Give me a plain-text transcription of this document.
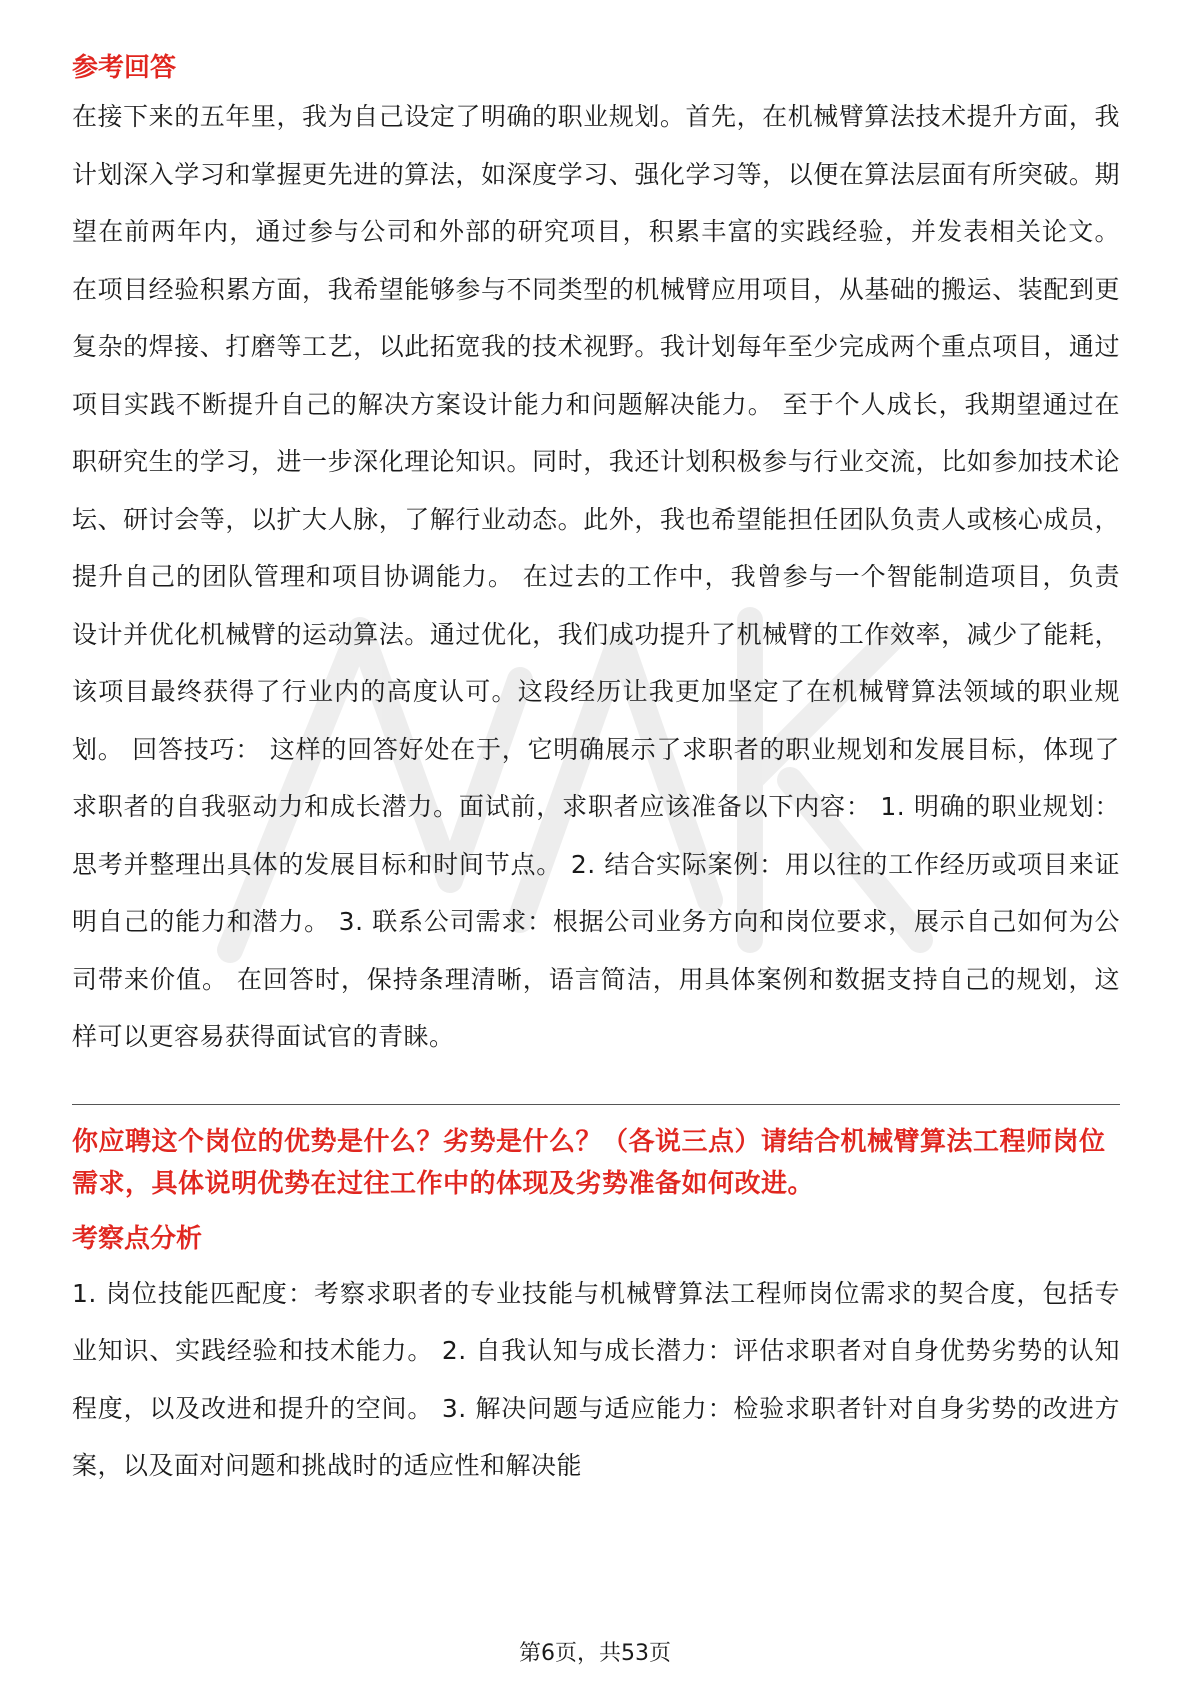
参考回答

在接下来的五年里，我为自己设定了明确的职业规划。首先，在机械臂算法技术提升方面，我计划深入学习和掌握更先进的算法，如深度学习、强化学习等，以便在算法层面有所突破。期望在前两年内，通过参与公司和外部的研究项目，积累丰富的实践经验，并发表相关论文。 在项目经验积累方面，我希望能够参与不同类型的机械臂应用项目，从基础的搬运、装配到更复杂的焊接、打磨等工艺，以此拓宽我的技术视野。我计划每年至少完成两个重点项目，通过项目实践不断提升自己的解决方案设计能力和问题解决能力。 至于个人成长，我期望通过在职研究生的学习，进一步深化理论知识。同时，我还计划积极参与行业交流，比如参加技术论坛、研讨会等，以扩大人脉，了解行业动态。此外，我也希望能担任团队负责人或核心成员，提升自己的团队管理和项目协调能力。 在过去的工作中，我曾参与一个智能制造项目，负责设计并优化机械臂的运动算法。通过优化，我们成功提升了机械臂的工作效率，减少了能耗，该项目最终获得了行业内的高度认可。这段经历让我更加坚定了在机械臂算法领域的职业规划。 回答技巧： 这样的回答好处在于，它明确展示了求职者的职业规划和发展目标，体现了求职者的自我驱动力和成长潜力。面试前，求职者应该准备以下内容： 1. 明确的职业规划：思考并整理出具体的发展目标和时间节点。 2. 结合实际案例：用以往的工作经历或项目来证明自己的能力和潜力。 3. 联系公司需求：根据公司业务方向和岗位要求，展示自己如何为公司带来价值。 在回答时，保持条理清晰，语言简洁，用具体案例和数据支持自己的规划，这样可以更容易获得面试官的青睐。

你应聘这个岗位的优势是什么？劣势是什么？（各说三点）请结合机械臂算法工程师岗位需求，具体说明优势在过往工作中的体现及劣势准备如何改进。
考察点分析

1. 岗位技能匹配度：考察求职者的专业技能与机械臂算法工程师岗位需求的契合度，包括专业知识、实践经验和技术能力。 2. 自我认知与成长潜力：评估求职者对自身优势劣势的认知程度，以及改进和提升的空间。 3. 解决问题与适应能力：检验求职者针对自身劣势的改进方案，以及面对问题和挑战时的适应性和解决能

第6页，共53页
